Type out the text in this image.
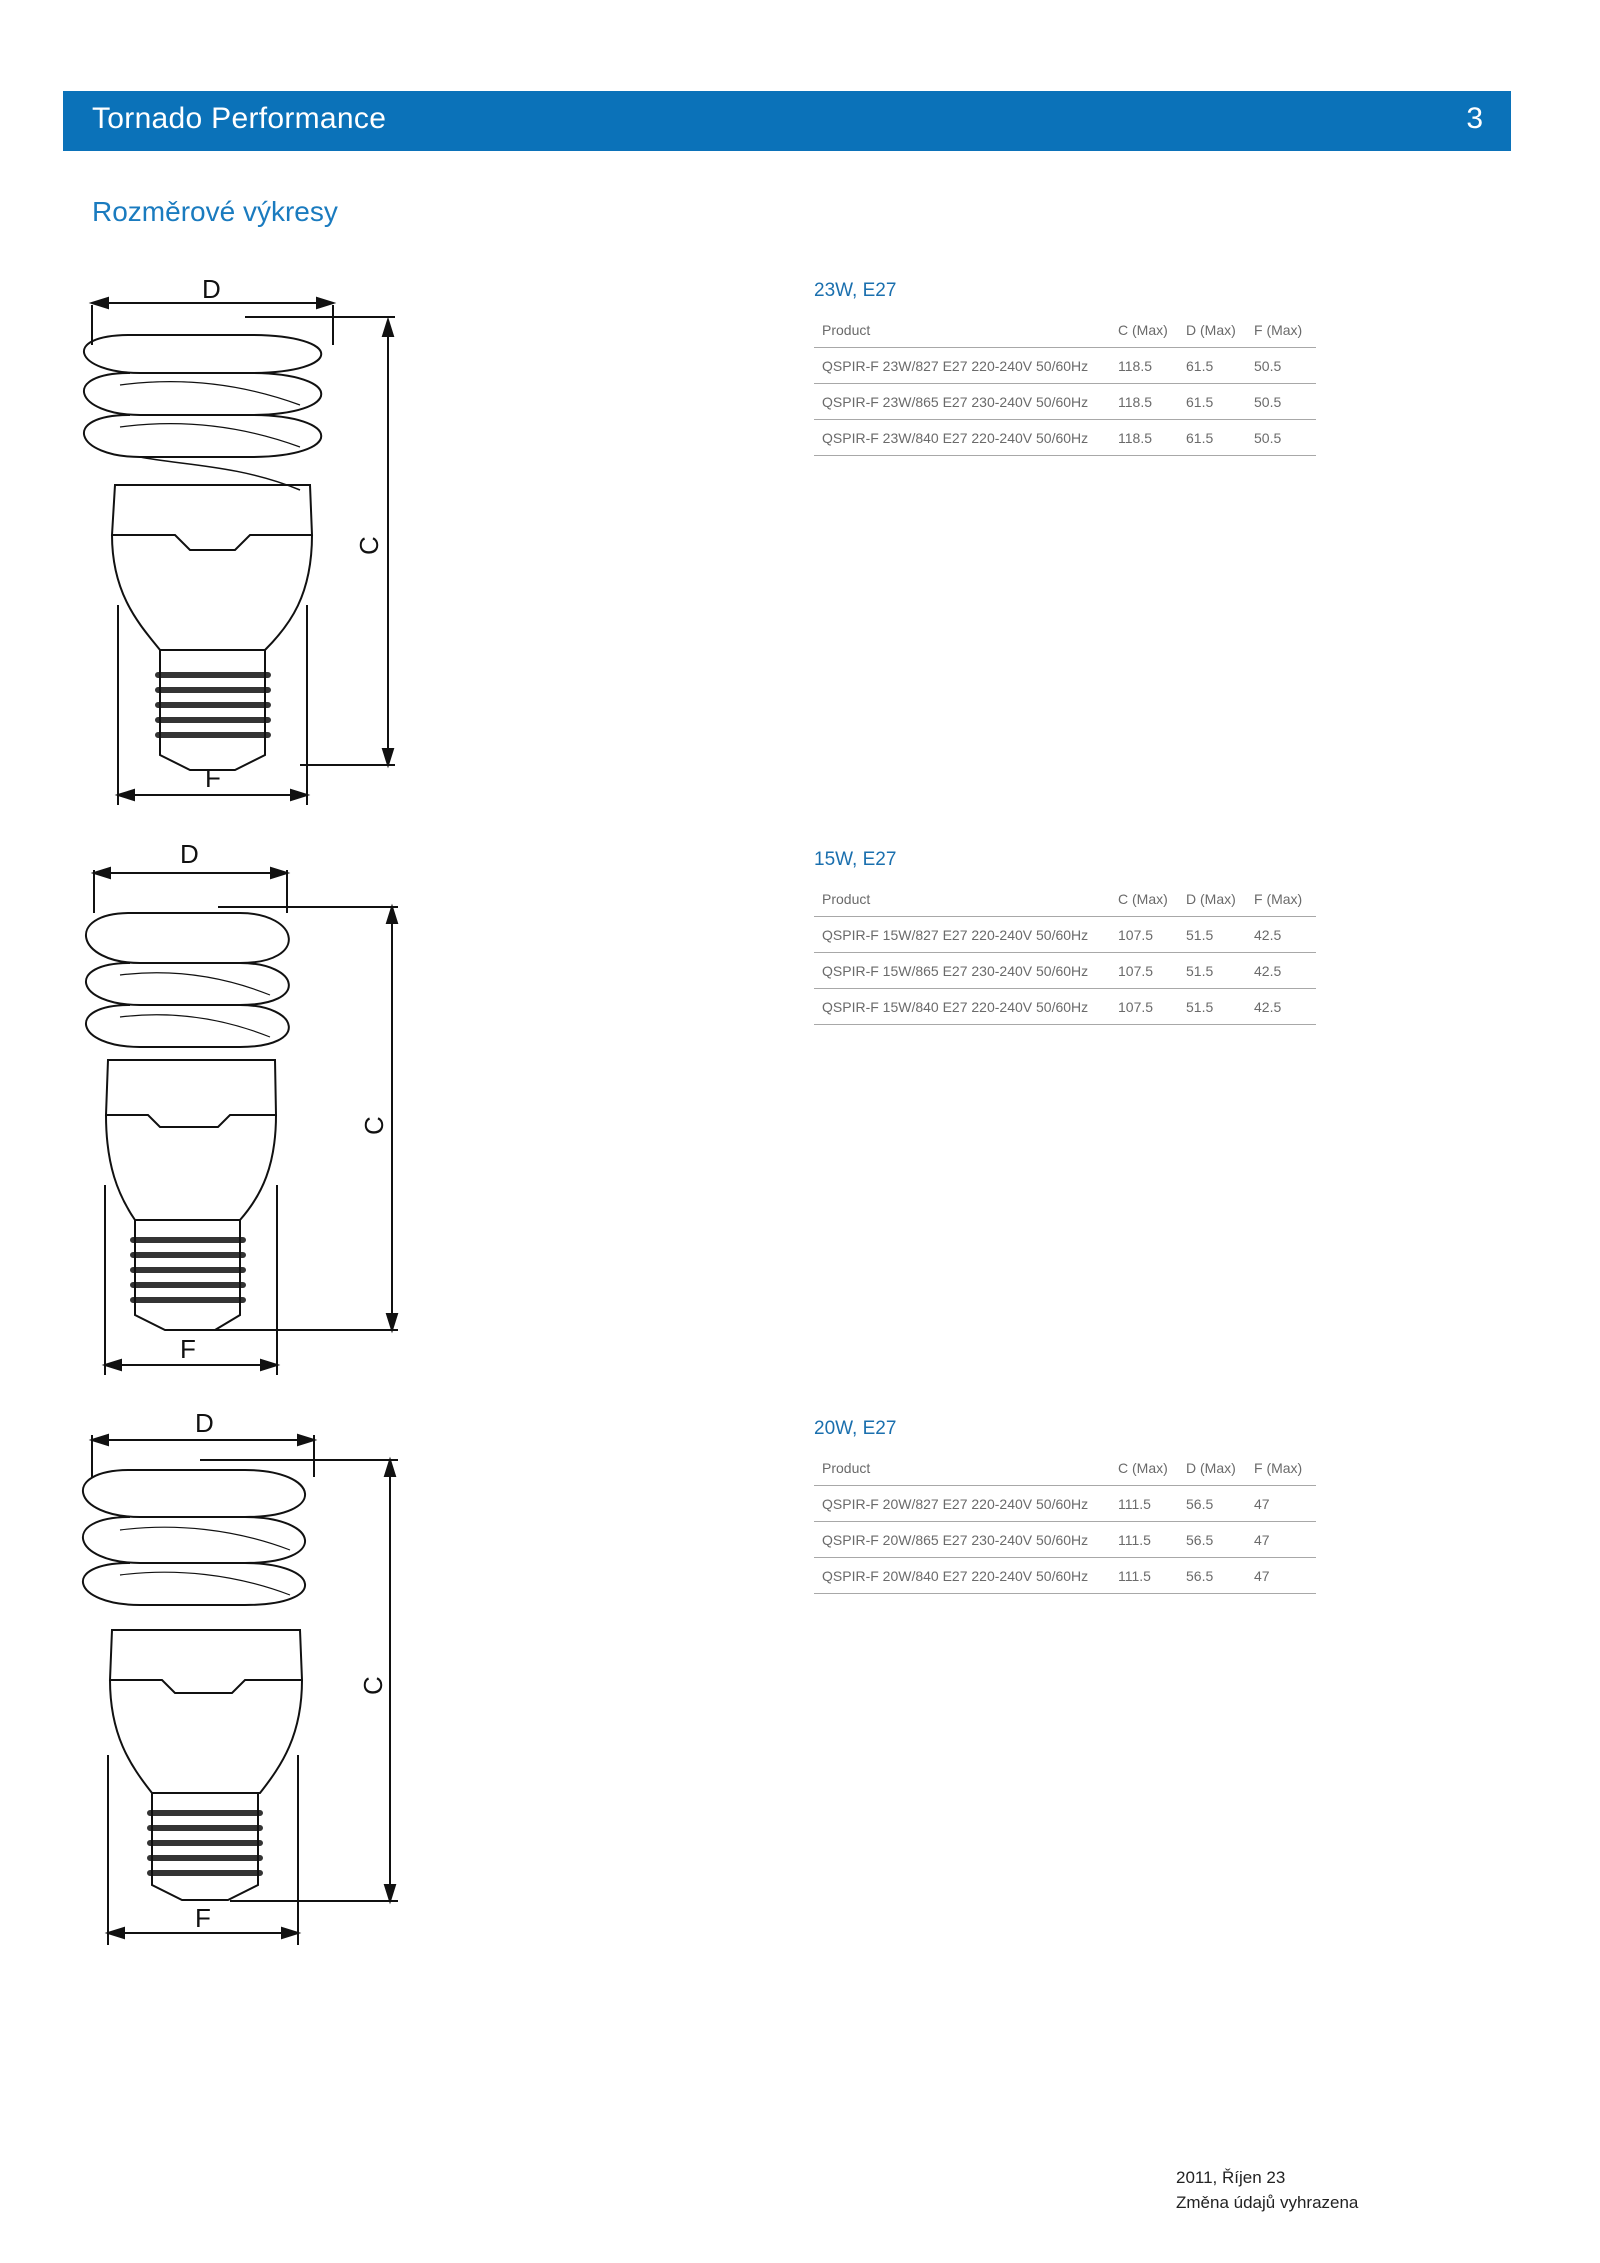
Tornado Performance	3
Rozměrové výkresy
D
C
F
D
C
F
D
C
F
23W, E27
Product	C (Max)	D (Max)	F (Max)
QSPIR-F 23W/827 E27 220-240V 50/60Hz	118.5	61.5	50.5
QSPIR-F 23W/865 E27 230-240V 50/60Hz	118.5	61.5	50.5
QSPIR-F 23W/840 E27 220-240V 50/60Hz	118.5	61.5	50.5
15W, E27
Product	C (Max)	D (Max)	F (Max)
QSPIR-F 15W/827 E27 220-240V 50/60Hz	107.5	51.5	42.5
QSPIR-F 15W/865 E27 230-240V 50/60Hz	107.5	51.5	42.5
QSPIR-F 15W/840 E27 220-240V 50/60Hz	107.5	51.5	42.5
20W, E27
Product	C (Max)	D (Max)	F (Max)
QSPIR-F 20W/827 E27 220-240V 50/60Hz	111.5	56.5	47
QSPIR-F 20W/865 E27 230-240V 50/60Hz	111.5	56.5	47
QSPIR-F 20W/840 E27 220-240V 50/60Hz	111.5	56.5	47
2011, Říjen 23
Změna údajů vyhrazena
